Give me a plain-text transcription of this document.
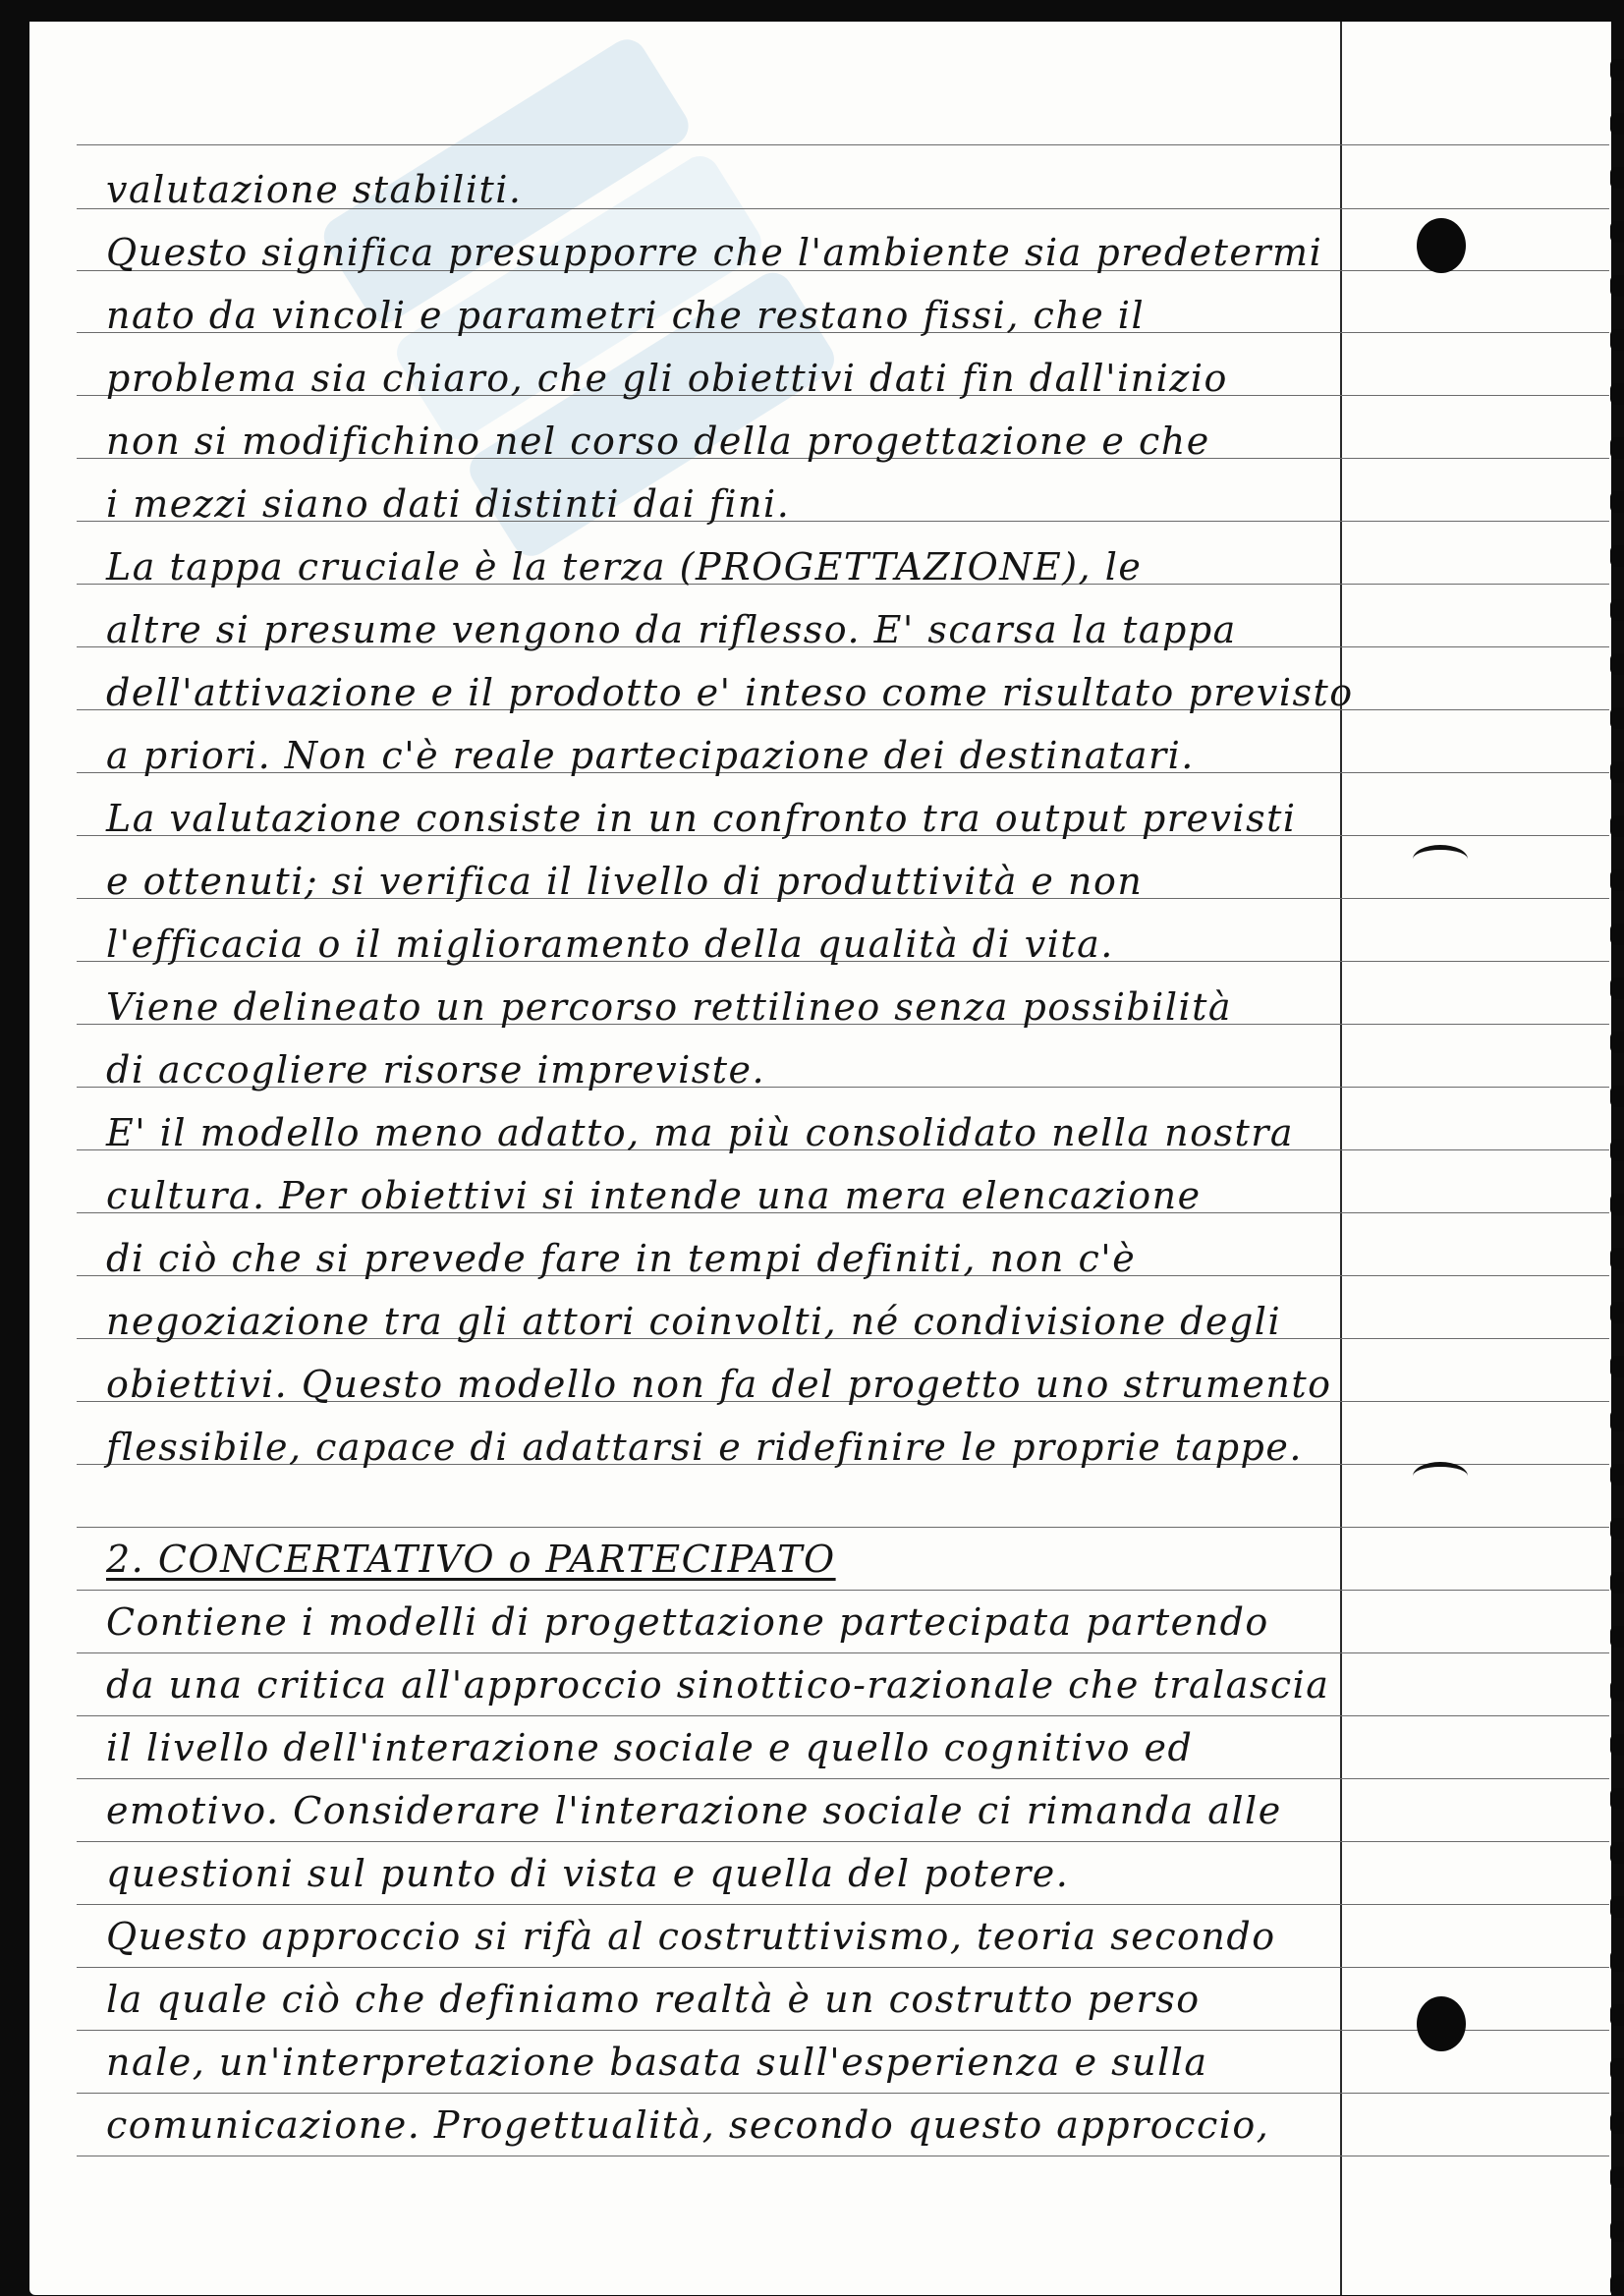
valutazione stabiliti.
Questo significa presupporre che l'ambiente sia predetermi
nato da vincoli e parametri che restano fissi, che il
problema sia chiaro, che gli obiettivi dati fin dall'inizio
non si modifichino nel corso della progettazione e che
i mezzi siano dati distinti dai fini.
La tappa cruciale è la terza (PROGETTAZIONE), le
altre si presume vengono da riflesso. E' scarsa la tappa
dell'attivazione e il prodotto e' inteso come risultato previsto
a priori. Non c'è reale partecipazione dei destinatari.
La valutazione consiste in un confronto tra output previsti
e ottenuti; si verifica il livello di produttività e non
l'efficacia o il miglioramento della qualità di vita.
Viene delineato un percorso rettilineo senza possibilità
di accogliere risorse impreviste.
E' il modello meno adatto, ma più consolidato nella nostra
cultura. Per obiettivi si intende una mera elencazione
di ciò che si prevede fare in tempi definiti, non c'è
negoziazione tra gli attori coinvolti, né condivisione degli
obiettivi. Questo modello non fa del progetto uno strumento
flessibile, capace di adattarsi e ridefinire le proprie tappe.
2. CONCERTATIVO o PARTECIPATO
Contiene i modelli di progettazione partecipata partendo
da una critica all'approccio sinottico-razionale che tralascia
il livello dell'interazione sociale e quello cognitivo ed
emotivo. Considerare l'interazione sociale ci rimanda alle
questioni sul punto di vista e quella del potere.
Questo approccio si rifà al costruttivismo, teoria secondo
la quale ciò che definiamo realtà è un costrutto perso
nale, un'interpretazione basata sull'esperienza e sulla
comunicazione. Progettualità, secondo questo approccio,
